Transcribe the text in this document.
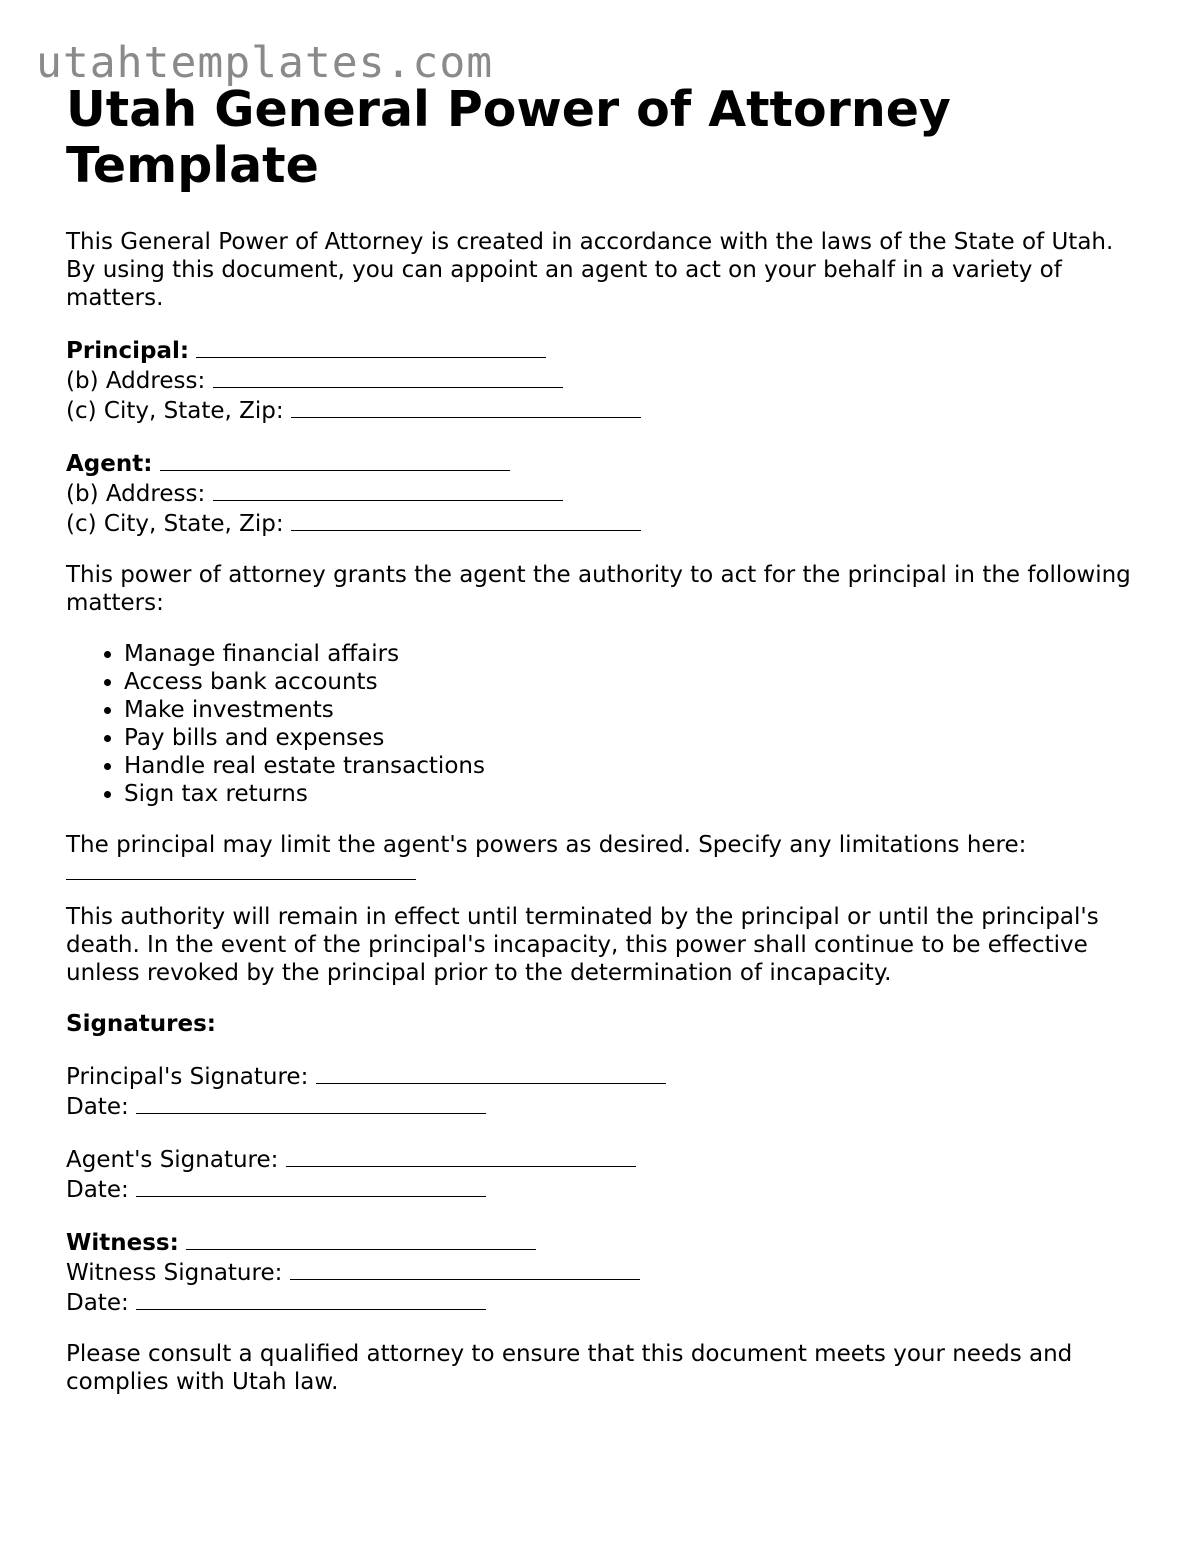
utahtemplates.com
Utah General Power of Attorney Template

This General Power of Attorney is created in accordance with the laws of the State of Utah. By using this document, you can appoint an agent to act on your behalf in a variety of matters.

Principal:
(b) Address:
(c) City, State, Zip:
Agent:
(b) Address:
(c) City, State, Zip:

This power of attorney grants the agent the authority to act for the principal in the following matters:

• Manage financial affairs
• Access bank accounts
• Make investments
• Pay bills and expenses
• Handle real estate transactions
• Sign tax returns

The principal may limit the agent's powers as desired. Specify any limitations here:

This authority will remain in effect until terminated by the principal or until the principal's death. In the event of the principal's incapacity, this power shall continue to be effective unless revoked by the principal prior to the determination of incapacity.

Signatures:

Principal's Signature:
Date:
Agent's Signature:
Date:
Witness:
Witness Signature:
Date:

Please consult a qualified attorney to ensure that this document meets your needs and complies with Utah law.
